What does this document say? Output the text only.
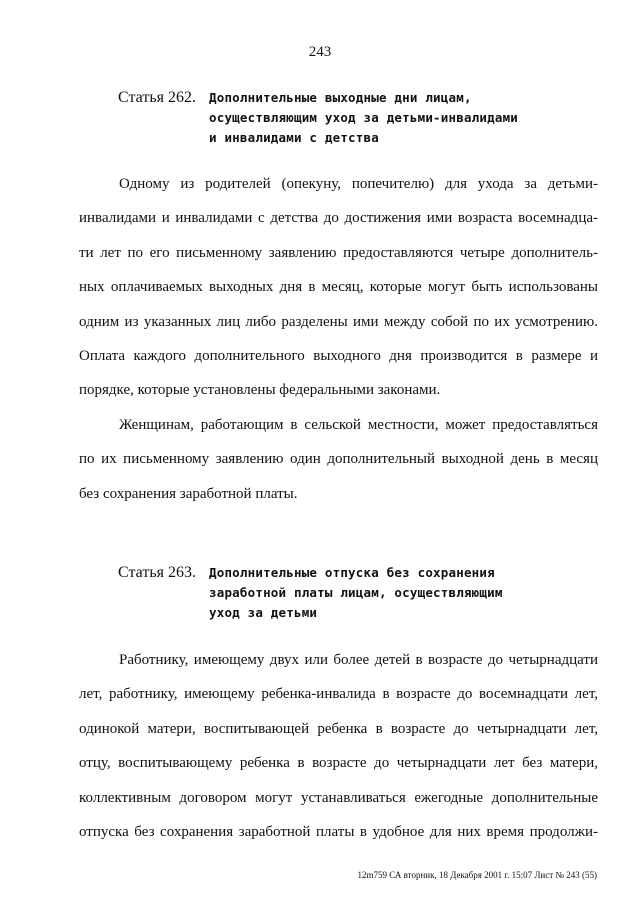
243
Статья 262. Дополнительные выходные дни лицам,
осуществляющим уход за детьми-инвалидами
и инвалидами с детства
Одному из родителей (опекуну, попечителю) для ухода за детьми-
инвалидами и инвалидами с детства до достижения ими возраста восемнадца-
ти лет по его письменному заявлению предоставляются четыре дополнитель-
ных оплачиваемых выходных дня в месяц, которые могут быть использованы
одним из указанных лиц либо разделены ими между собой по их усмотрению.
Оплата каждого дополнительного выходного дня производится в размере и
порядке, которые установлены федеральными законами.
Женщинам, работающим в сельской местности, может предоставляться
по их письменному заявлению один дополнительный выходной день в месяц
без сохранения заработной платы.
Статья 263. Дополнительные отпуска без сохранения
заработной платы лицам, осуществляющим
уход за детьми
Работнику, имеющему двух или более детей в возрасте до четырнадцати
лет, работнику, имеющему ребенка-инвалида в возрасте до восемнадцати лет,
одинокой матери, воспитывающей ребенка в возрасте до четырнадцати лет,
отцу, воспитывающему ребенка в возрасте до четырнадцати лет без матери,
коллективным договором могут устанавливаться ежегодные дополнительные
отпуска без сохранения заработной платы в удобное для них время продолжи-
12m759 СА вторник, 18 Декабря 2001 г. 15:07 Лист № 243 (55)
